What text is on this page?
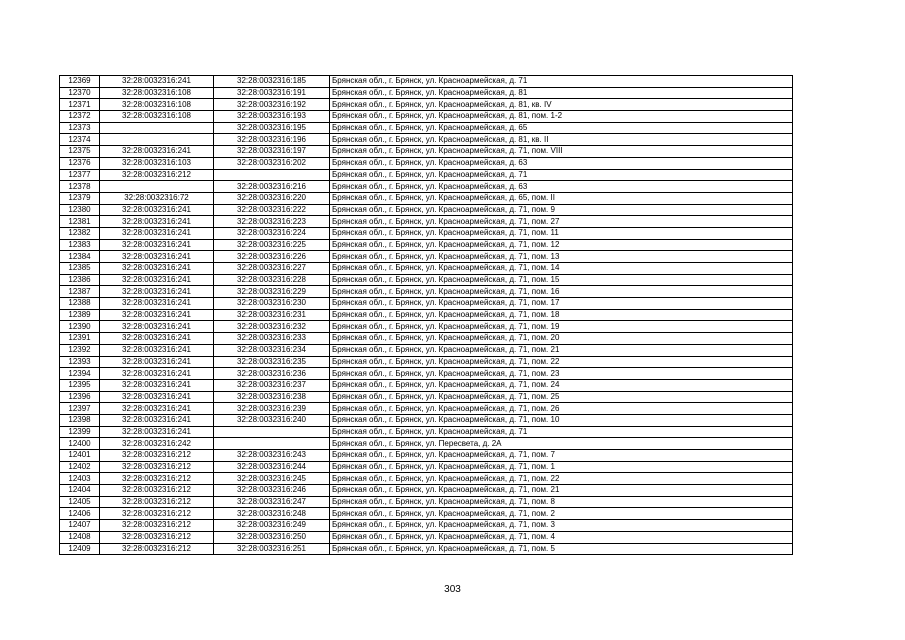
12369	32:28:0032316:241	32:28:0032316:185	Брянская обл., г. Брянск, ул. Красноармейская, д. 71
12370	32:28:0032316:108	32:28:0032316:191	Брянская обл., г. Брянск, ул. Красноармейская, д. 81
12371	32:28:0032316:108	32:28:0032316:192	Брянская обл., г. Брянск, ул. Красноармейская, д. 81, кв. IV
12372	32:28:0032316:108	32:28:0032316:193	Брянская обл., г. Брянск, ул. Красноармейская, д. 81, пом. 1-2
12373		32:28:0032316:195	Брянская обл., г. Брянск, ул. Красноармейская, д. 65
12374		32:28:0032316:196	Брянская обл., г. Брянск, ул. Красноармейская, д. 81, кв. II
12375	32:28:0032316:241	32:28:0032316:197	Брянская обл., г. Брянск, ул. Красноармейская, д. 71, пом. VIII
12376	32:28:0032316:103	32:28:0032316:202	Брянская обл., г. Брянск, ул. Красноармейская, д. 63
12377	32:28:0032316:212		Брянская обл., г. Брянск, ул. Красноармейская, д. 71
12378		32:28:0032316:216	Брянская обл., г. Брянск, ул. Красноармейская, д. 63
12379	32:28:0032316:72	32:28:0032316:220	Брянская обл., г. Брянск, ул. Красноармейская, д. 65, пом. II
12380	32:28:0032316:241	32:28:0032316:222	Брянская обл., г. Брянск, ул. Красноармейская, д. 71, пом. 9
12381	32:28:0032316:241	32:28:0032316:223	Брянская обл., г. Брянск, ул. Красноармейская, д. 71, пом. 27
12382	32:28:0032316:241	32:28:0032316:224	Брянская обл., г. Брянск, ул. Красноармейская, д. 71, пом. 11
12383	32:28:0032316:241	32:28:0032316:225	Брянская обл., г. Брянск, ул. Красноармейская, д. 71, пом. 12
12384	32:28:0032316:241	32:28:0032316:226	Брянская обл., г. Брянск, ул. Красноармейская, д. 71, пом. 13
12385	32:28:0032316:241	32:28:0032316:227	Брянская обл., г. Брянск, ул. Красноармейская, д. 71, пом. 14
12386	32:28:0032316:241	32:28:0032316:228	Брянская обл., г. Брянск, ул. Красноармейская, д. 71, пом. 15
12387	32:28:0032316:241	32:28:0032316:229	Брянская обл., г. Брянск, ул. Красноармейская, д. 71, пом. 16
12388	32:28:0032316:241	32:28:0032316:230	Брянская обл., г. Брянск, ул. Красноармейская, д. 71, пом. 17
12389	32:28:0032316:241	32:28:0032316:231	Брянская обл., г. Брянск, ул. Красноармейская, д. 71, пом. 18
12390	32:28:0032316:241	32:28:0032316:232	Брянская обл., г. Брянск, ул. Красноармейская, д. 71, пом. 19
12391	32:28:0032316:241	32:28:0032316:233	Брянская обл., г. Брянск, ул. Красноармейская, д. 71, пом. 20
12392	32:28:0032316:241	32:28:0032316:234	Брянская обл., г. Брянск, ул. Красноармейская, д. 71, пом. 21
12393	32:28:0032316:241	32:28:0032316:235	Брянская обл., г. Брянск, ул. Красноармейская, д. 71, пом. 22
12394	32:28:0032316:241	32:28:0032316:236	Брянская обл., г. Брянск, ул. Красноармейская, д. 71, пом. 23
12395	32:28:0032316:241	32:28:0032316:237	Брянская обл., г. Брянск, ул. Красноармейская, д. 71, пом. 24
12396	32:28:0032316:241	32:28:0032316:238	Брянская обл., г. Брянск, ул. Красноармейская, д. 71, пом. 25
12397	32:28:0032316:241	32:28:0032316:239	Брянская обл., г. Брянск, ул. Красноармейская, д. 71, пом. 26
12398	32:28:0032316:241	32:28:0032316:240	Брянская обл., г. Брянск, ул. Красноармейская, д. 71, пом. 10
12399	32:28:0032316:241		Брянская обл., г. Брянск, ул. Красноармейская, д. 71
12400	32:28:0032316:242		Брянская обл., г. Брянск, ул. Пересвета, д. 2А
12401	32:28:0032316:212	32:28:0032316:243	Брянская обл., г. Брянск, ул. Красноармейская, д. 71, пом. 7
12402	32:28:0032316:212	32:28:0032316:244	Брянская обл., г. Брянск, ул. Красноармейская, д. 71, пом. 1
12403	32:28:0032316:212	32:28:0032316:245	Брянская обл., г. Брянск, ул. Красноармейская, д. 71, пом. 22
12404	32:28:0032316:212	32:28:0032316:246	Брянская обл., г. Брянск, ул. Красноармейская, д. 71, пом. 21
12405	32:28:0032316:212	32:28:0032316:247	Брянская обл., г. Брянск, ул. Красноармейская, д. 71, пом. 8
12406	32:28:0032316:212	32:28:0032316:248	Брянская обл., г. Брянск, ул. Красноармейская, д. 71, пом. 2
12407	32:28:0032316:212	32:28:0032316:249	Брянская обл., г. Брянск, ул. Красноармейская, д. 71, пом. 3
12408	32:28:0032316:212	32:28:0032316:250	Брянская обл., г. Брянск, ул. Красноармейская, д. 71, пом. 4
12409	32:28:0032316:212	32:28:0032316:251	Брянская обл., г. Брянск, ул. Красноармейская, д. 71, пом. 5
303
